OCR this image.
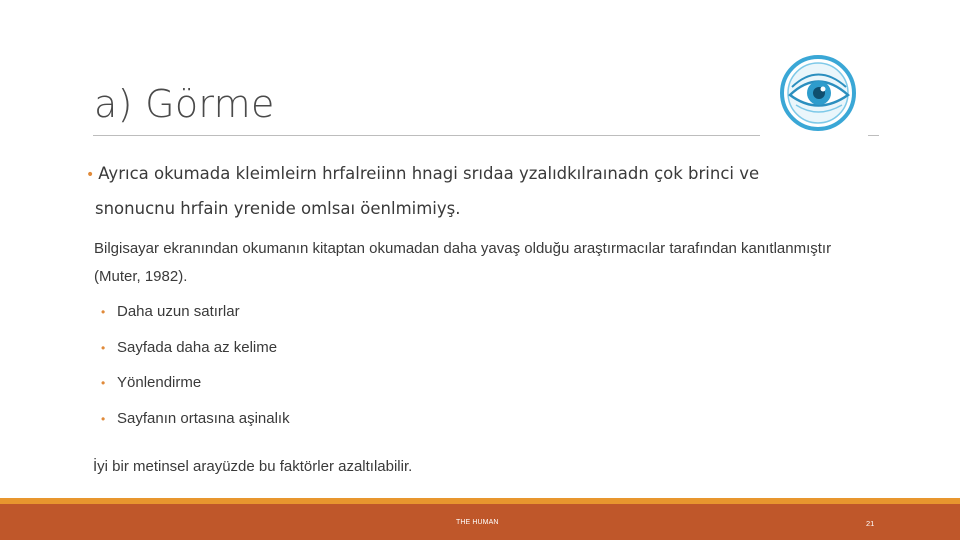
a) Görme
• Ayrıca okumada kleimleirn hrfalreiinn hnagi srıdaa yzalıdkılraınadn çok brinci ve
snonucnu hrfain yrenide omlsaı öenlmimiyş.
Bilgisayar ekranından okumanın kitaptan okumadan daha yavaş olduğu araştırmacılar tarafından kanıtlanmıştır (Muter, 1982).
• Daha uzun satırlar
• Sayfada daha az kelime
• Yönlendirme
• Sayfanın ortasına aşinalık
İyi bir metinsel arayüzde bu faktörler azaltılabilir.
THE HUMAN	21
